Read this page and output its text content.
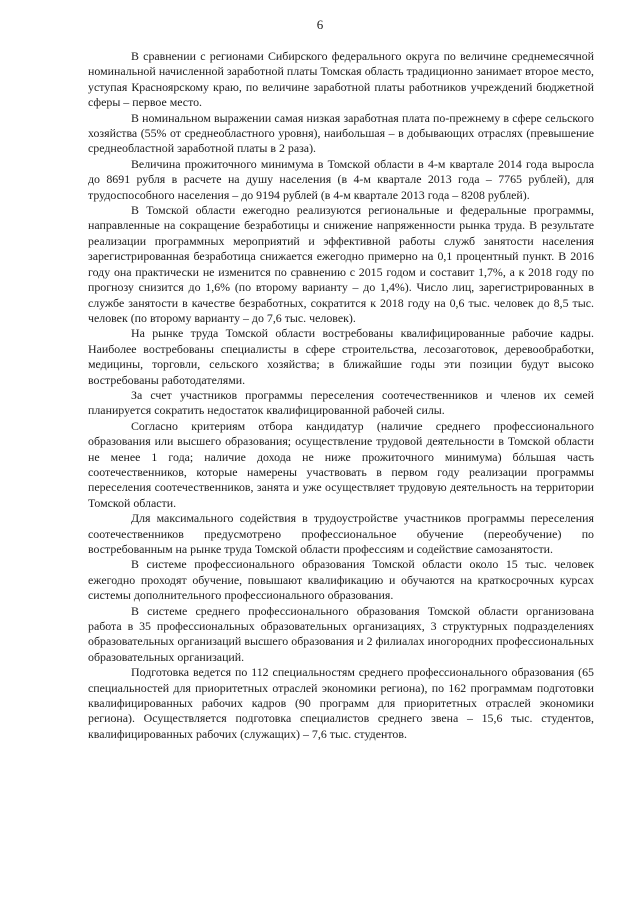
6

В сравнении с регионами Сибирского федерального округа по величине среднемесячной номинальной начисленной заработной платы Томская область традиционно занимает второе место, уступая Красноярскому краю, по величине заработной платы работников учреждений бюджетной сферы – первое место.

В номинальном выражении самая низкая заработная плата по-прежнему в сфере сельского хозяйства (55% от среднеобластного уровня), наибольшая – в добывающих отраслях (превышение среднеобластной заработной платы в 2 раза).

Величина прожиточного минимума в Томской области в 4-м квартале 2014 года выросла до 8691 рубля в расчете на душу населения (в 4-м квартале 2013 года – 7765 рублей), для трудоспособного населения – до 9194 рублей (в 4-м квартале 2013 года – 8208 рублей).

В Томской области ежегодно реализуются региональные и федеральные программы, направленные на сокращение безработицы и снижение напряженности рынка труда. В результате реализации программных мероприятий и эффективной работы служб занятости населения зарегистрированная безработица снижается ежегодно примерно на 0,1 процентный пункт. В 2016 году она практически не изменится по сравнению с 2015 годом и составит 1,7%, а к 2018 году по прогнозу снизится до 1,6% (по второму варианту – до 1,4%). Число лиц, зарегистрированных в службе занятости в качестве безработных, сократится к 2018 году на 0,6 тыс. человек до 8,5 тыс. человек (по второму варианту – до 7,6 тыс. человек).

На рынке труда Томской области востребованы квалифицированные рабочие кадры. Наиболее востребованы специалисты в сфере строительства, лесозаготовок, деревообработки, медицины, торговли, сельского хозяйства; в ближайшие годы эти позиции будут высоко востребованы работодателями.

За счет участников программы переселения соотечественников и членов их семей планируется сократить недостаток квалифицированной рабочей силы.

Согласно критериям отбора кандидатур (наличие среднего профессионального образования или высшего образования; осуществление трудовой деятельности в Томской области не менее 1 года; наличие дохода не ниже прожиточного минимума) бóльшая часть соотечественников, которые намерены участвовать в первом году реализации программы переселения соотечественников, занята и уже осуществляет трудовую деятельность на территории Томской области.

Для максимального содействия в трудоустройстве участников программы переселения соотечественников предусмотрено профессиональное обучение (переобучение) по востребованным на рынке труда Томской области профессиям и содействие самозанятости.

В системе профессионального образования Томской области около 15 тыс. человек ежегодно проходят обучение, повышают квалификацию и обучаются на краткосрочных курсах системы дополнительного профессионального образования.

В системе среднего профессионального образования Томской области организована работа в 35 профессиональных образовательных организациях, 3 структурных подразделениях образовательных организаций высшего образования и 2 филиалах иногородних профессиональных образовательных организаций.

Подготовка ведется по 112 специальностям среднего профессионального образования (65 специальностей для приоритетных отраслей экономики региона), по 162 программам подготовки квалифицированных рабочих кадров (90 программ для приоритетных отраслей экономики региона). Осуществляется подготовка специалистов среднего звена – 15,6 тыс. студентов, квалифицированных рабочих (служащих) – 7,6 тыс. студентов.
